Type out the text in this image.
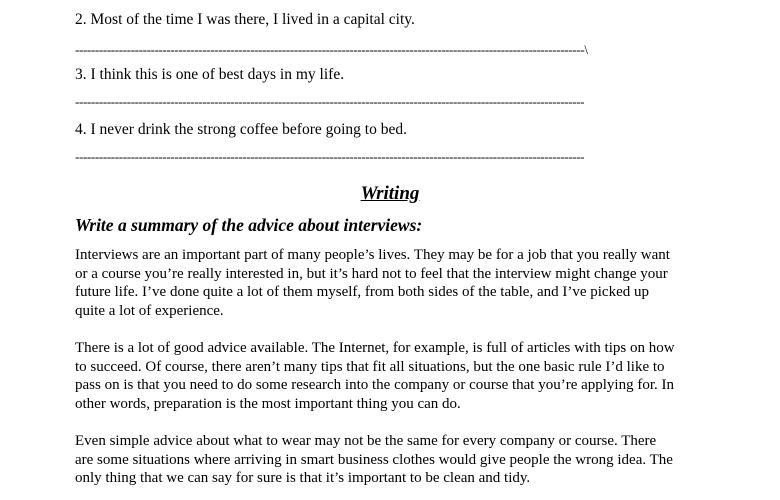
2. Most of the time I was there, I lived in a capital city.
--------------------------------------------------------------------------------------------------------------------------------\
3. I think this is one of best days in my life.
--------------------------------------------------------------------------------------------------------------------------------
4. I never drink the strong coffee before going to bed.
--------------------------------------------------------------------------------------------------------------------------------
Writing
Write a summary of the advice about interviews:
Interviews are an important part of many people’s lives. They may be for a job that you really want
or a course you’re really interested in, but it’s hard not to feel that the interview might change your
future life. I’ve done quite a lot of them myself, from both sides of the table, and I’ve picked up
quite a lot of experience.
There is a lot of good advice available. The Internet, for example, is full of articles with tips on how
to succeed. Of course, there aren’t many tips that fit all situations, but the one basic rule I’d like to
pass on is that you need to do some research into the company or course that you’re applying for. In
other words, preparation is the most important thing you can do.
Even simple advice about what to wear may not be the same for every company or course. There
are some situations where arriving in smart business clothes would give people the wrong idea. The
only thing that we can say for sure is that it’s important to be clean and tidy.
